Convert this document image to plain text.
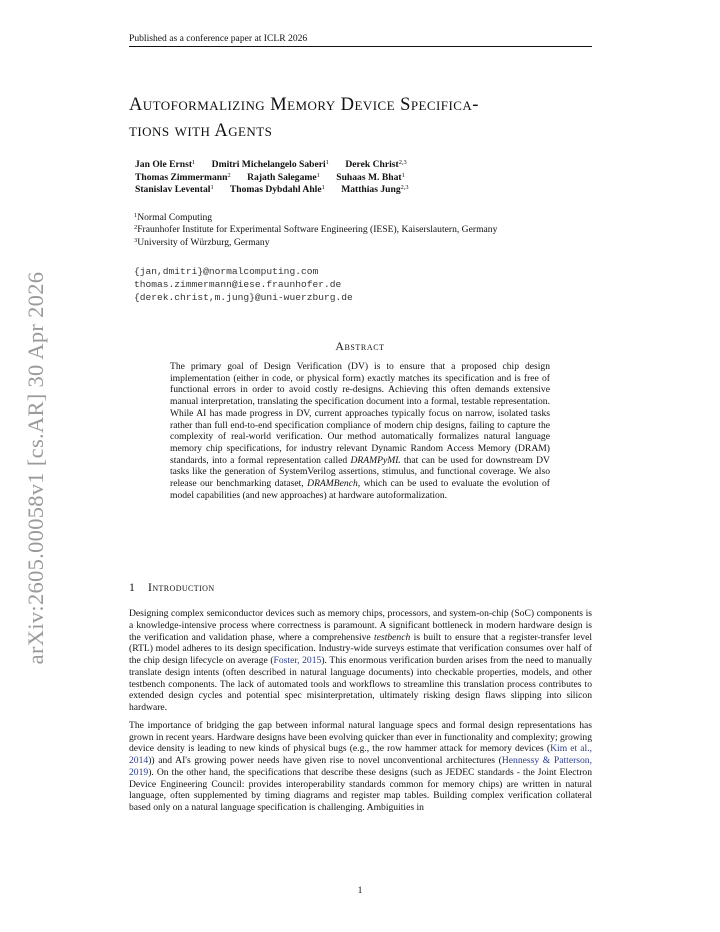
arXiv:2605.00058v1 [cs.AR] 30 Apr 2026
Published as a conference paper at ICLR 2026
Autoformalizing Memory Device Specifica-
tions with Agents
Jan Ole Ernst$^1$ Dmitri Michelangelo Saberi$^1$ Derek Christ$^{2,3}$
Thomas Zimmermann$^2$ Rajath Salegame$^1$ Suhaas M. Bhat$^1$
Stanislav Levental$^1$ Thomas Dybdahl Ahle$^1$ Matthias Jung$^{2,3}$
$^1$Normal Computing
$^2$Fraunhofer Institute for Experimental Software Engineering (IESE), Kaiserslautern, Germany
$^3$University of Würzburg, Germany
{jan,dmitri}@normalcomputing.com
thomas.zimmermann@iese.fraunhofer.de
{derek.christ,m.jung}@uni-wuerzburg.de
Abstract
The primary goal of Design Verification (DV) is to ensure that a proposed chip design implementation (either in code, or physical form) exactly matches its specification and is free of functional errors in order to avoid costly re-designs. Achieving this often demands extensive manual interpretation, translating the specification document into a formal, testable representation. While AI has made progress in DV, current approaches typically focus on narrow, isolated tasks rather than full end-to-end specification compliance of modern chip designs, failing to capture the complexity of real-world verification. Our method automatically formalizes natural language memory chip specifications, for industry relevant Dynamic Random Access Memory (DRAM) standards, into a formal representation called DRAMPyML that can be used for downstream DV tasks like the generation of SystemVerilog assertions, stimulus, and functional coverage. We also release our benchmarking dataset, DRAMBench, which can be used to evaluate the evolution of model capabilities (and new approaches) at hardware autoformalization.
1 Introduction

Designing complex semiconductor devices such as memory chips, processors, and system-on-chip (SoC) components is a knowledge-intensive process where correctness is paramount. A significant bottleneck in modern hardware design is the verification and validation phase, where a comprehensive testbench is built to ensure that a register-transfer level (RTL) model adheres to its design specification. Industry-wide surveys estimate that verification consumes over half of the chip design lifecycle on average (Foster, 2015). This enormous verification burden arises from the need to manually translate design intents (often described in natural language documents) into checkable properties, models, and other testbench components. The lack of automated tools and workflows to streamline this translation process contributes to extended design cycles and potential spec misinterpretation, ultimately risking design flaws slipping into silicon hardware.

The importance of bridging the gap between informal natural language specs and formal design representations has grown in recent years. Hardware designs have been evolving quicker than ever in functionality and complexity; growing device density is leading to new kinds of physical bugs (e.g., the row hammer attack for memory devices (Kim et al., 2014)) and AI's growing power needs have given rise to novel unconventional architectures (Hennessy & Patterson, 2019). On the other hand, the specifications that describe these designs (such as JEDEC standards - the Joint Electron Device Engineering Council: provides interoperability standards common for memory chips) are written in natural language, often supplemented by timing diagrams and register map tables. Building complex verification collateral based only on a natural language specification is challenging. Ambiguities in

1
